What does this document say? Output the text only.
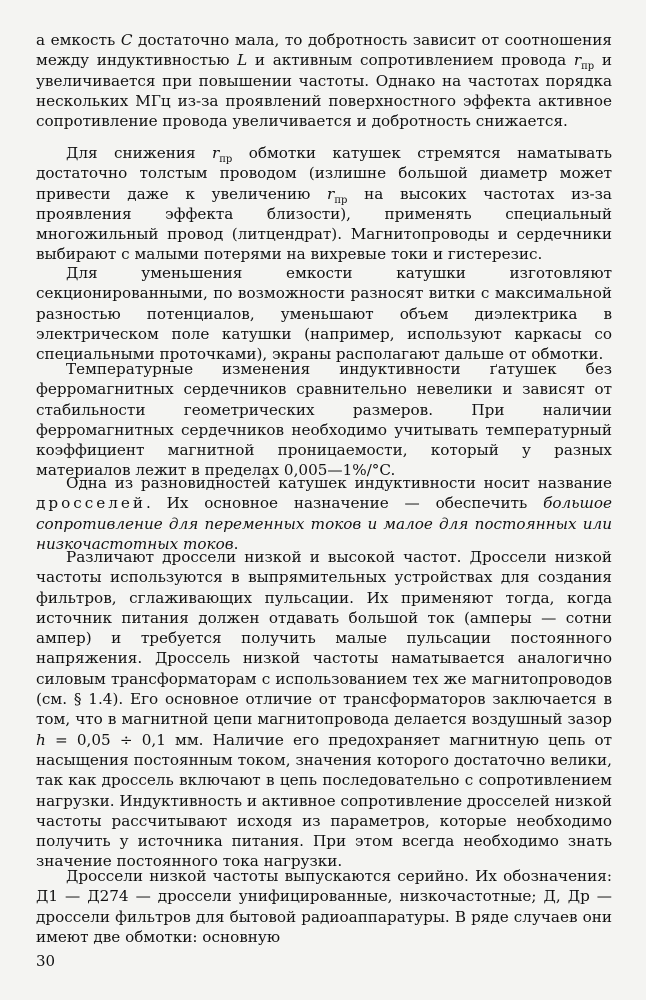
а емкость C достаточно мала, то добротность зависит от соотношения между индуктивностью L и активным сопротивлением провода $r_{пр}$ и увеличивается при повышении частоты. Однако на частотах порядка нескольких МГц из-за проявлений поверхностного эффекта активное сопротивление провода увеличивается и добротность снижается.

Для снижения $r_{пр}$ обмотки катушек стремятся наматывать достаточно толстым проводом (излишне большой диаметр может привести даже к увеличению $r_{пр}$ на высоких частотах из-за проявления эффекта близости), применять специальный многожильный провод (литцендрат). Магнитопроводы и сердечники выбирают с малыми потерями на вихревые токи и гистерезис.

Для уменьшения емкости катушки изготовляют секционированными, по возможности разносят витки с максимальной разностью потенциалов, уменьшают объем диэлектрика в электрическом поле катушки (например, используют каркасы со специальными проточками), экраны располагают дальше от обмотки.

Температурные изменения индуктивности ґатушек без ферромагнитных сердечников сравнительно невелики и зависят от стабильности геометрических размеров. При наличии ферромагнитных сердечников необходимо учитывать температурный коэффициент магнитной проницаемости, который у разных материалов лежит в пределах 0,005—1%/°C.

Одна из разновидностей катушек индуктивности носит название дросселей. Их основное назначение — обеспечить большое сопротивление для переменных токов и малое для постоянных или низкочастотных токов.

Различают дроссели низкой и высокой частот. Дроссели низкой частоты используются в выпрямительных устройствах для создания фильтров, сглаживающих пульсации. Их применяют тогда, когда источник питания должен отдавать большой ток (амперы — сотни ампер) и требуется получить малые пульсации постоянного напряжения. Дроссель низкой частоты наматывается аналогично силовым трансформаторам с использованием тех же магнитопроводов (см. § 1.4). Его основное отличие от трансформаторов заключается в том, что в магнитной цепи магнитопровода делается воздушный зазор h = 0,05 ÷ 0,1 мм. Наличие его предохраняет магнитную цепь от насыщения постоянным током, значения которого достаточно велики, так как дроссель включают в цепь последовательно с сопротивлением нагрузки. Индуктивность и активное сопротивление дросселей низкой частоты рассчитывают исходя из параметров, которые необходимо получить у источника питания. При этом всегда необходимо знать значение постоянного тока нагрузки.

Дроссели низкой частоты выпускаются серийно. Их обозначения: Д1 — Д274 — дроссели унифицированные, низкочастотные; Д, Др — дроссели фильтров для бытовой радиоаппаратуры. В ряде случаев они имеют две обмотки: основную

30
